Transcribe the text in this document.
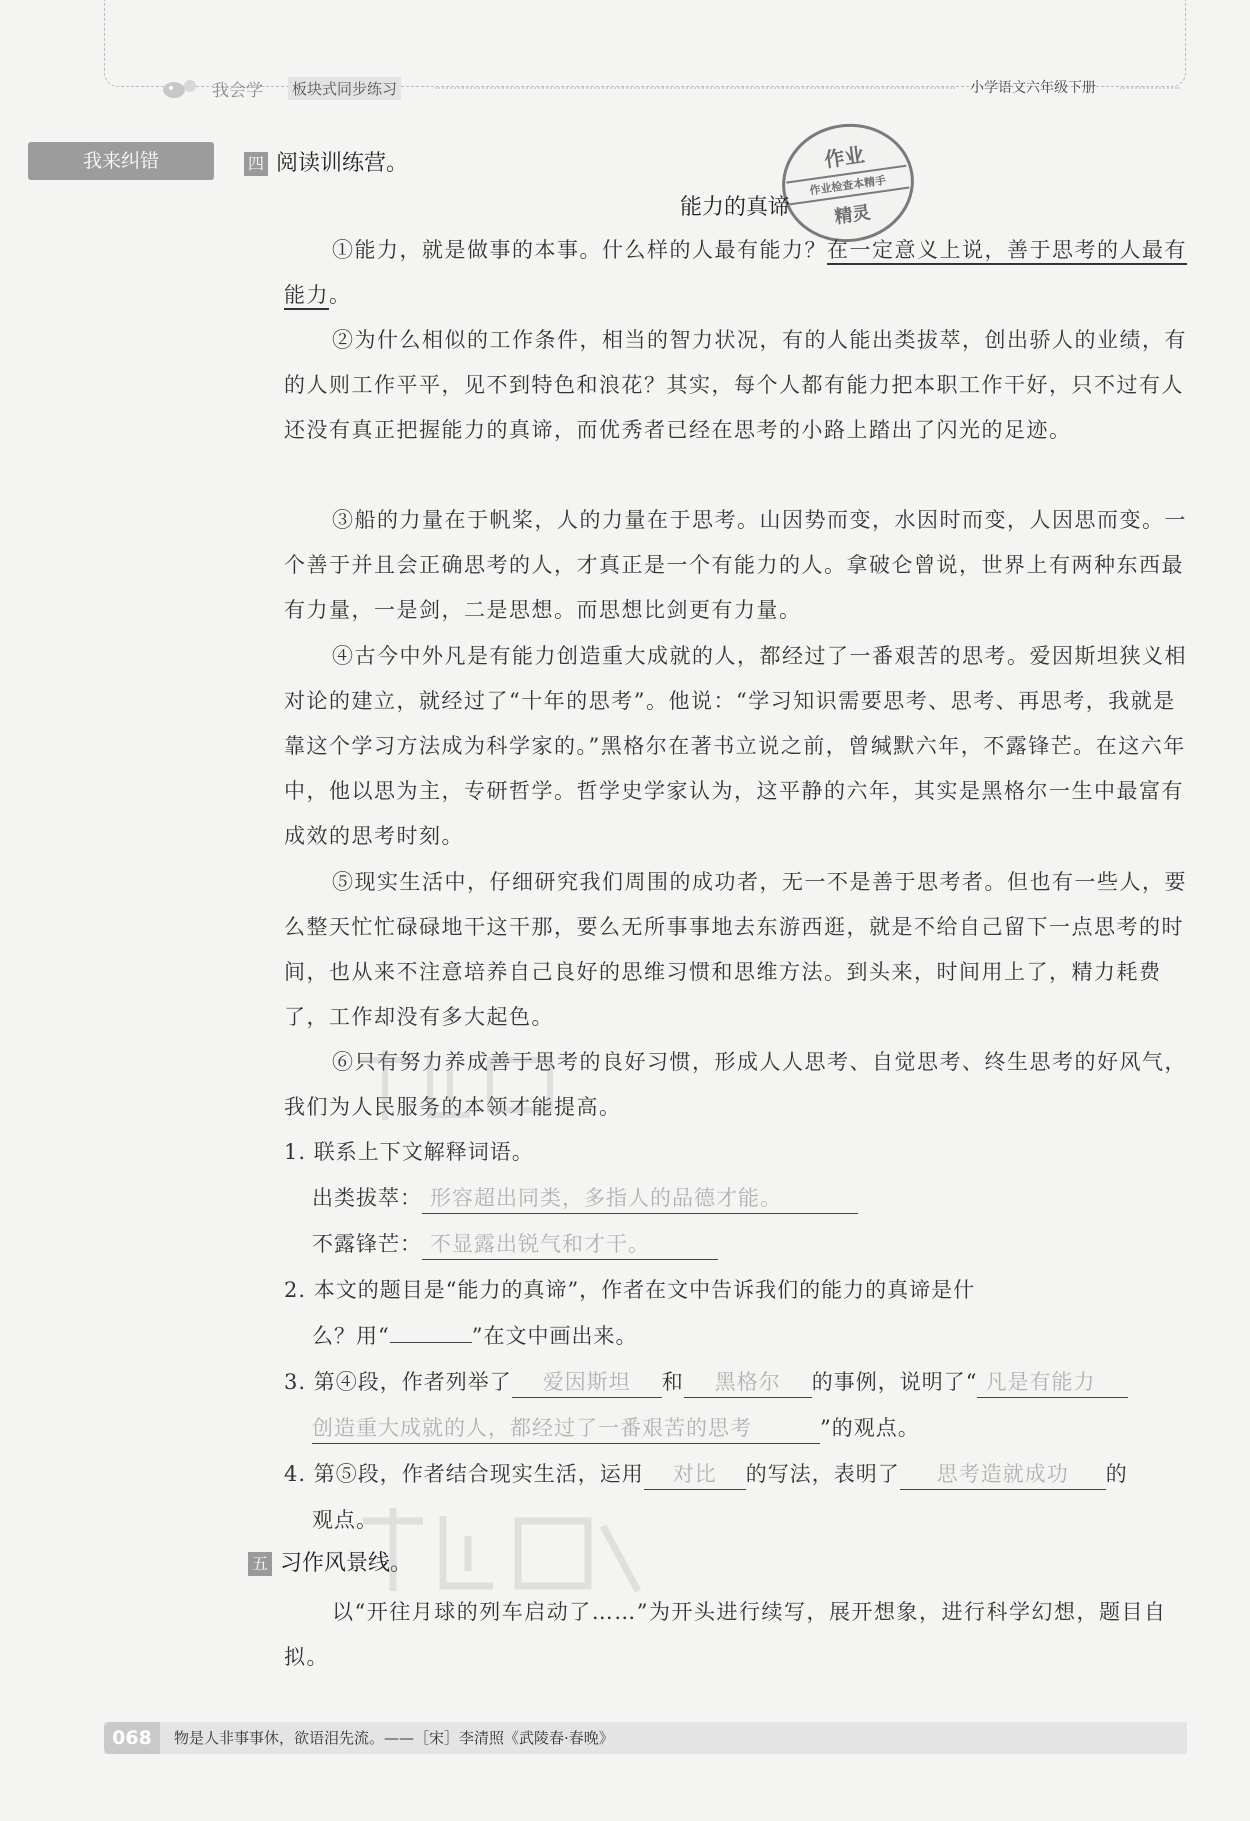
我会学 板块式同步练习	小学语文六年级下册
我来纠错	四 阅读训练营。	作业
作业检查本精手
精灵
能力的真谛

①能力，就是做事的本事。什么样的人最有能力？在一定意义上说，善于思考的人最有能力。

②为什么相似的工作条件，相当的智力状况，有的人能出类拔萃，创出骄人的业绩，有的人则工作平平，见不到特色和浪花？其实，每个人都有能力把本职工作干好，只不过有人还没有真正把握能力的真谛，而优秀者已经在思考的小路上踏出了闪光的足迹。

③船的力量在于帆桨，人的力量在于思考。山因势而变，水因时而变，人因思而变。一个善于并且会正确思考的人，才真正是一个有能力的人。拿破仑曾说，世界上有两种东西最有力量，一是剑，二是思想。而思想比剑更有力量。

④古今中外凡是有能力创造重大成就的人，都经过了一番艰苦的思考。爱因斯坦狭义相对论的建立，就经过了“十年的思考”。他说：“学习知识需要思考、思考、再思考，我就是靠这个学习方法成为科学家的。”黑格尔在著书立说之前，曾缄默六年，不露锋芒。在这六年中，他以思为主，专研哲学。哲学史学家认为，这平静的六年，其实是黑格尔一生中最富有成效的思考时刻。

⑤现实生活中，仔细研究我们周围的成功者，无一不是善于思考者。但也有一些人，要么整天忙忙碌碌地干这干那，要么无所事事地去东游西逛，就是不给自己留下一点思考的时间，也从来不注意培养自己良好的思维习惯和思维方法。到头来，时间用上了，精力耗费了，工作却没有多大起色。

⑥只有努力养成善于思考的良好习惯，形成人人思考、自觉思考、终生思考的好风气，我们为人民服务的本领才能提高。

1. 联系上下文解释词语。
出类拔萃： 形容超出同类，多指人的品德才能。
不露锋芒： 不显露出锐气和才干。
2. 本文的题目是“能力的真谛”，作者在文中告诉我们的能力的真谛是什
么？用“	”在文中画出来。
3. 第④段，作者列举了 爱因斯坦 和 黑格尔 的事例，说明了“ 凡是有能力
创造重大成就的人，都经过了一番艰苦的思考	”的观点。
4. 第⑤段，作者结合现实生活，运用 对比 的写法，表明了 思考造就成功 的
观点。
五 习作风景线。

以“开往月球的列车启动了……”为开头进行续写，展开想象，进行科学幻想，题目自拟。

068	物是人非事事休，欲语泪先流。——［宋］李清照《武陵春·春晚》
